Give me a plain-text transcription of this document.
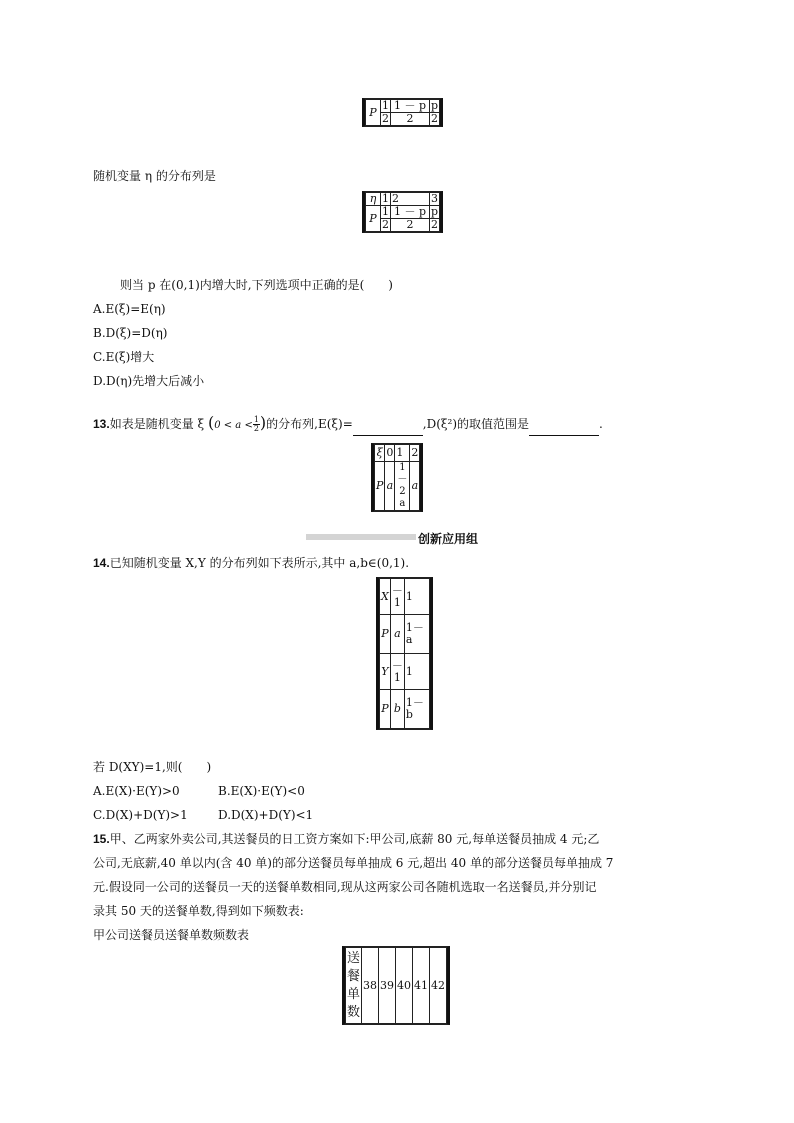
P	1	1 － p	p
	2	2	2
随机变量 η 的分布列是
η	1	2	3
P	1	1 － p	p
	2	2	2
则当 p 在(0,1)内增大时,下列选项中正确的是(　　)
A.E(ξ)=E(η)
B.D(ξ)=D(η)
C.E(ξ)增大
D.D(η)先增大后减小
13.如表是随机变量 ξ $(0 < a < \frac{1}{2})$的分布列,E(ξ)=	,D(ξ²)的取值范围是	.
ξ	0	1	2
P	a	1－2a	a
创新应用组
14.已知随机变量 X,Y 的分布列如下表所示,其中 a,b∈(0,1).
X	－1	1
P	a	1－a
Y	－1	1
P	b	1－b
若 D(XY)=1,则(　　)
A.E(X)·E(Y)>0	B.E(X)·E(Y)<0
C.D(X)+D(Y)>1	D.D(X)+D(Y)<1
15.甲、乙两家外卖公司,其送餐员的日工资方案如下:甲公司,底薪 80 元,每单送餐员抽成 4 元;乙
公司,无底薪,40 单以内(含 40 单)的部分送餐员每单抽成 6 元,超出 40 单的部分送餐员每单抽成 7
元.假设同一公司的送餐员一天的送餐单数相同,现从这两家公司各随机选取一名送餐员,并分别记
录其 50 天的送餐单数,得到如下频数表:
甲公司送餐员送餐单数频数表
送餐单数	38	39	40	41	42
